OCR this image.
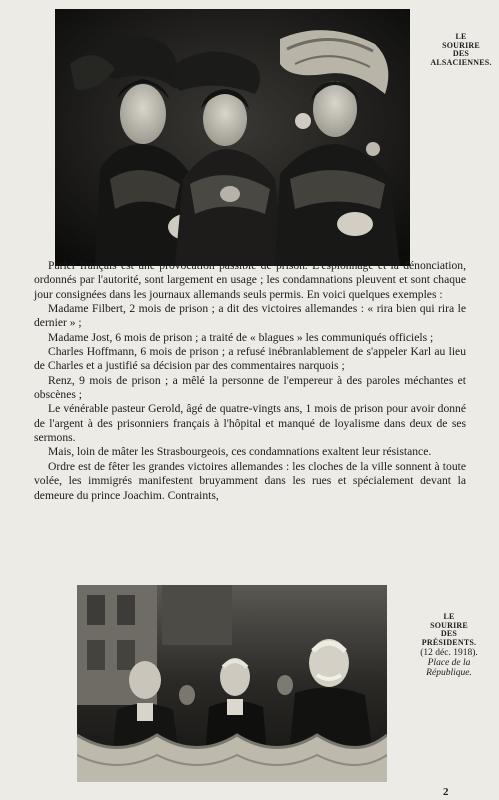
LE
SOURIRE
DES
ALSACIENNES.

Parler français est une provocation passible de prison. L'espionnage et la dénonciation, ordonnés par l'autorité, sont largement en usage ; les condamnations pleuvent et sont chaque jour consignées dans les journaux allemands seuls permis. En voici quelques exemples :

Madame Filbert, 2 mois de prison ; a dit des victoires allemandes : « rira bien qui rira le dernier » ;

Madame Jost, 6 mois de prison ; a traité de « blagues » les communiqués officiels ;

Charles Hoffmann, 6 mois de prison ; a refusé inébranlablement de s'appeler Karl au lieu de Charles et a justifié sa décision par des commentaires narquois ;

Renz, 9 mois de prison ; a mêlé la personne de l'empereur à des paroles méchantes et obscènes ;

Le vénérable pasteur Gerold, âgé de quatre-vingts ans, 1 mois de prison pour avoir donné de l'argent à des prisonniers français à l'hôpital et manqué de loyalisme dans deux de ses sermons.

Mais, loin de mâter les Strasbourgeois, ces condamnations exaltent leur résistance.

Ordre est de fêter les grandes victoires allemandes : les cloches de la ville sonnent à toute volée, les immigrés manifestent bruyamment dans les rues et spécialement devant la demeure du prince Joachim. Contraints,

LE
SOURIRE
DES
PRÉSIDENTS.
(12 déc. 1918).
Place de la
République.
2
